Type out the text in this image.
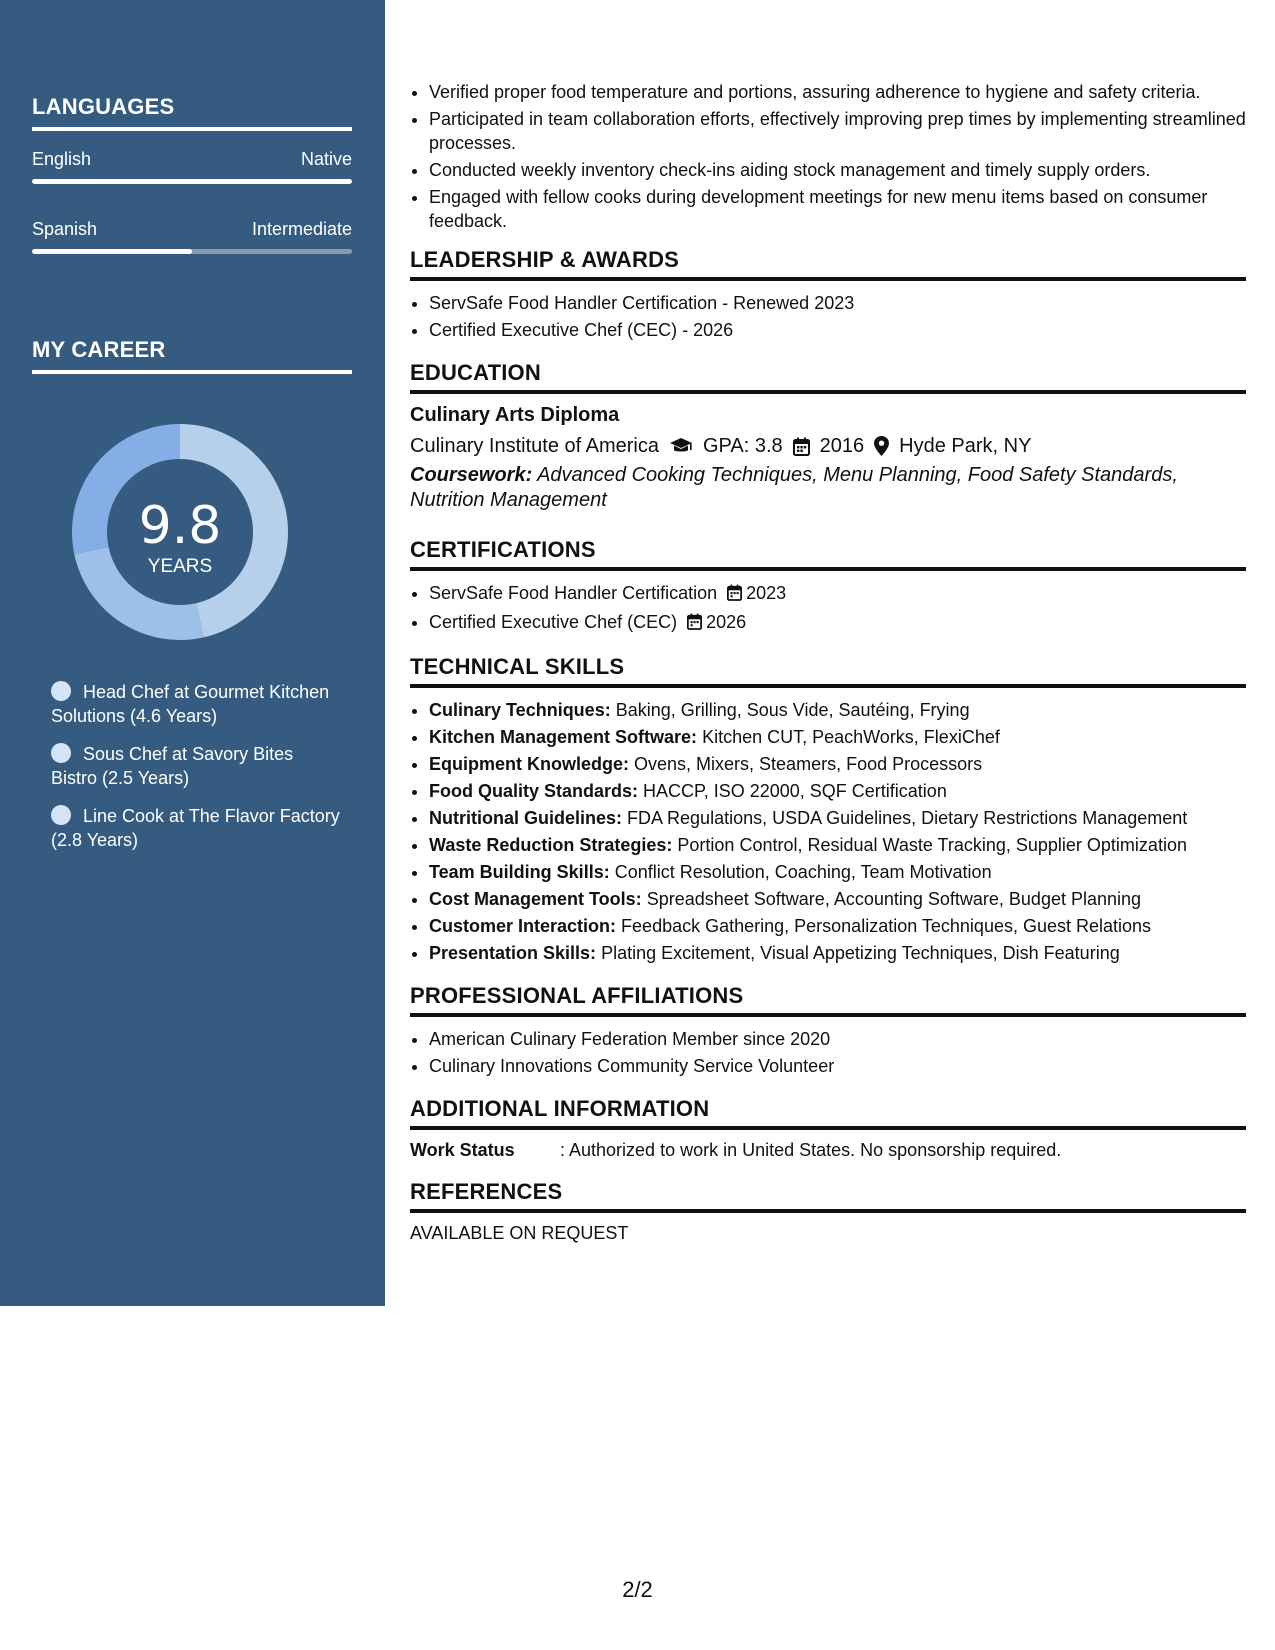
LANGUAGES
English	Native
Spanish	Intermediate
MY CAREER
9.8
YEARS
Head Chef at Gourmet Kitchen Solutions (4.6 Years)
Sous Chef at Savory Bites Bistro (2.5 Years)
Line Cook at The Flavor Factory (2.8 Years)
• Verified proper food temperature and portions, assuring adherence to hygiene and safety criteria.
• Participated in team collaboration efforts, effectively improving prep times by implementing streamlined processes.
• Conducted weekly inventory check-ins aiding stock management and timely supply orders.
• Engaged with fellow cooks during development meetings for new menu items based on consumer feedback.
LEADERSHIP & AWARDS
• ServSafe Food Handler Certification - Renewed 2023
• Certified Executive Chef (CEC) - 2026
EDUCATION
Culinary Arts Diploma
Culinary Institute of America GPA: 3.8 2016 Hyde Park, NY
Coursework: Advanced Cooking Techniques, Menu Planning, Food Safety Standards, Nutrition Management
CERTIFICATIONS
• ServSafe Food Handler Certification 2023
• Certified Executive Chef (CEC) 2026
TECHNICAL SKILLS
• Culinary Techniques: Baking, Grilling, Sous Vide, Sautéing, Frying
• Kitchen Management Software: Kitchen CUT, PeachWorks, FlexiChef
• Equipment Knowledge: Ovens, Mixers, Steamers, Food Processors
• Food Quality Standards: HACCP, ISO 22000, SQF Certification
• Nutritional Guidelines: FDA Regulations, USDA Guidelines, Dietary Restrictions Management
• Waste Reduction Strategies: Portion Control, Residual Waste Tracking, Supplier Optimization
• Team Building Skills: Conflict Resolution, Coaching, Team Motivation
• Cost Management Tools: Spreadsheet Software, Accounting Software, Budget Planning
• Customer Interaction: Feedback Gathering, Personalization Techniques, Guest Relations
• Presentation Skills: Plating Excitement, Visual Appetizing Techniques, Dish Featuring
PROFESSIONAL AFFILIATIONS
• American Culinary Federation Member since 2020
• Culinary Innovations Community Service Volunteer
ADDITIONAL INFORMATION
Work Status	: Authorized to work in United States. No sponsorship required.
REFERENCES
AVAILABLE ON REQUEST
2/2
